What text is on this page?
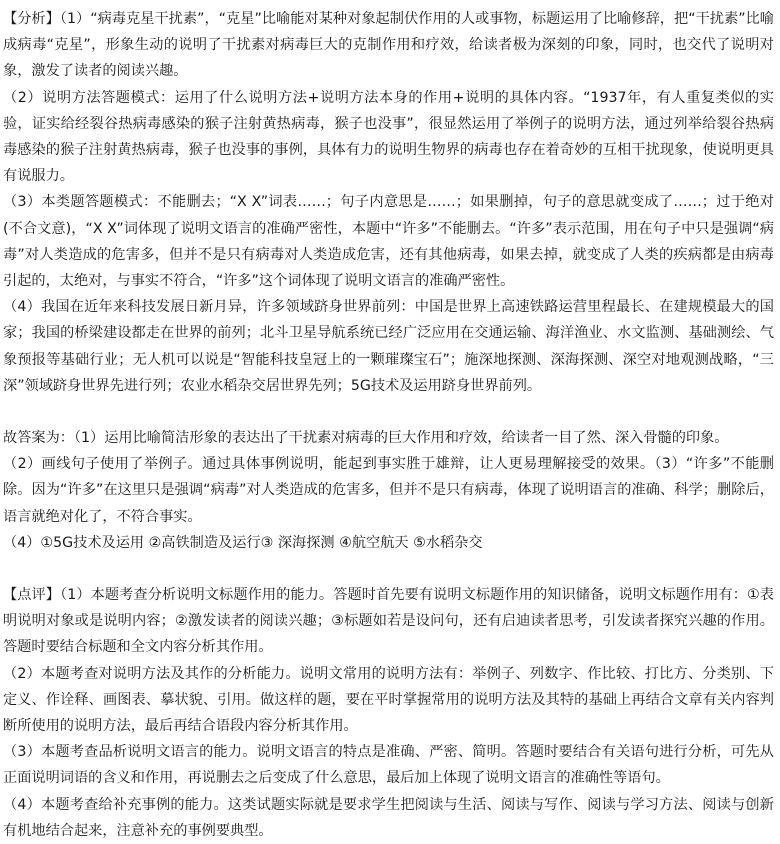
【分析】（1）“病毒克星干扰素”，“克星”比喻能对某种对象起制伏作用的人或事物，标题运用了比喻修辞，把“干扰素”比喻成病毒“克星”，形象生动的说明了干扰素对病毒巨大的克制作用和疗效，给读者极为深刻的印象，同时，也交代了说明对象，激发了读者的阅读兴趣。

（2）说明方法答题模式：运用了什么说明方法+说明方法本身的作用+说明的具体内容。“1937年，有人重复类似的实验，证实给经裂谷热病毒感染的猴子注射黄热病毒，猴子也没事”，很显然运用了举例子的说明方法，通过列举给裂谷热病毒感染的猴子注射黄热病毒，猴子也没事的事例，具体有力的说明生物界的病毒也存在着奇妙的互相干扰现象，使说明更具有说服力。

（3）本类题答题模式：不能删去；“X X”词表……；句子内意思是……；如果删掉，句子的意思就变成了……；过于绝对(不合文意)，“X X”词体现了说明文语言的准确严密性，本题中“许多”不能删去。“许多”表示范围，用在句子中只是强调“病毒”对人类造成的危害多，但并不是只有病毒对人类造成危害，还有其他病毒，如果去掉，就变成了人类的疾病都是由病毒引起的，太绝对，与事实不符合，“许多”这个词体现了说明文语言的准确严密性。

（4）我国在近年来科技发展日新月异，许多领域跻身世界前列：中国是世界上高速铁路运营里程最长、在建规模最大的国家；我国的桥梁建设都走在世界的前列；北斗卫星导航系统已经广泛应用在交通运输、海洋渔业、水文监测、基础测绘、气象预报等基础行业；无人机可以说是“智能科技皇冠上的一颗璀璨宝石”；施深地探测、深海探测、深空对地观测战略，“三深”领域跻身世界先进行列；农业水稻杂交居世界先列；5G技术及运用跻身世界前列。

故答案为：（1）运用比喻简洁形象的表达出了干扰素对病毒的巨大作用和疗效，给读者一目了然、深入骨髓的印象。

（2）画线句子使用了举例子。通过具体事例说明，能起到事实胜于雄辩，让人更易理解接受的效果。（3）“许多”不能删除。因为“许多”在这里只是强调“病毒”对人类造成的危害多，但并不是只有病毒，体现了说明语言的准确、科学；删除后，语言就绝对化了，不符合事实。

（4）①5G技术及运用 ②高铁制造及运行③ 深海探测 ④航空航天 ⑤水稻杂交

【点评】（1）本题考查分析说明文标题作用的能力。答题时首先要有说明文标题作用的知识储备，说明文标题作用有：①表明说明对象或是说明内容；②激发读者的阅读兴趣；③标题如若是设问句，还有启迪读者思考，引发读者探究兴趣的作用。答题时要结合标题和全文内容分析其作用。

（2）本题考查对说明方法及其作的分析能力。说明文常用的说明方法有：举例子、列数字、作比较、打比方、分类别、下定义、作诠释、画图表、摹状貌、引用。做这样的题，要在平时掌握常用的说明方法及其特的基础上再结合文章有关内容判断所使用的说明方法，最后再结合语段内容分析其作用。

（3）本题考查品析说明文语言的能力。说明文语言的特点是准确、严密、简明。答题时要结合有关语句进行分析，可先从正面说明词语的含义和作用，再说删去之后变成了什么意思，最后加上体现了说明文语言的准确性等语句。

（4）本题考查给补充事例的能力。这类试题实际就是要求学生把阅读与生活、阅读与写作、阅读与学习方法、阅读与创新有机地结合起来，注意补充的事例要典型。
